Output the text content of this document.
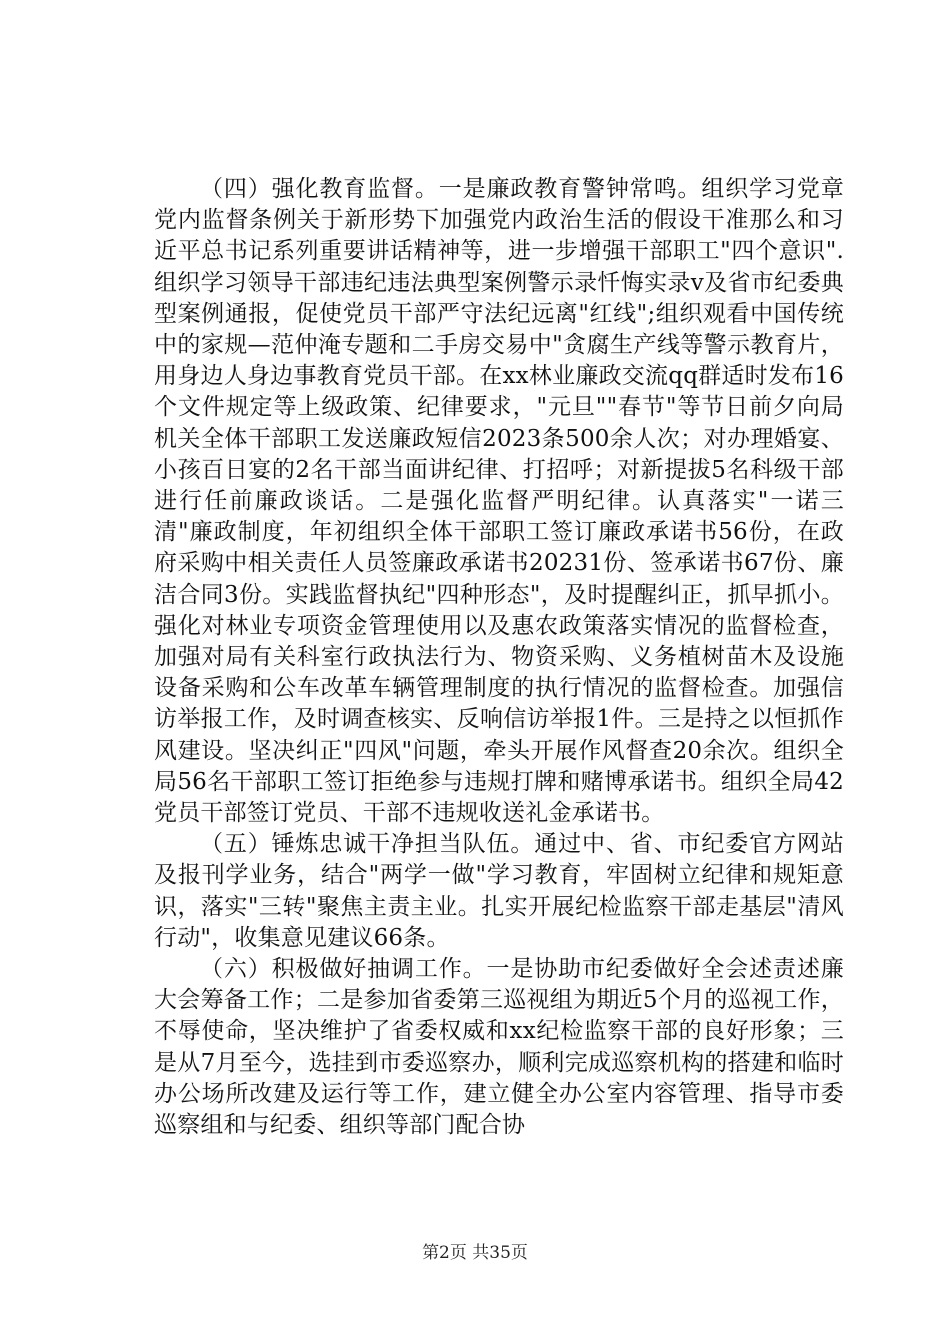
（四）强化教育监督。一是廉政教育警钟常鸣。组织学习党章党内监督条例关于新形势下加强党内政治生活的假设干准那么和习近平总书记系列重要讲话精神等，进一步增强干部职工"四个意识".组织学习领导干部违纪违法典型案例警示录忏悔实录v及省市纪委典型案例通报，促使党员干部严守法纪远离"红线";组织观看中国传统中的家规—范仲淹专题和二手房交易中"贪腐生产线等警示教育片，用身边人身边事教育党员干部。在xx林业廉政交流qq群适时发布16个文件规定等上级政策、纪律要求，"元旦""春节"等节日前夕向局机关全体干部职工发送廉政短信2023条500余人次；对办理婚宴、小孩百日宴的2名干部当面讲纪律、打招呼；对新提拔5名科级干部进行任前廉政谈话。二是强化监督严明纪律。认真落实"一诺三清"廉政制度，年初组织全体干部职工签订廉政承诺书56份，在政府采购中相关责任人员签廉政承诺书20231份、签承诺书67份、廉洁合同3份。实践监督执纪"四种形态"，及时提醒纠正，抓早抓小。强化对林业专项资金管理使用以及惠农政策落实情况的监督检查，加强对局有关科室行政执法行为、物资采购、义务植树苗木及设施设备采购和公车改革车辆管理制度的执行情况的监督检查。加强信访举报工作，及时调查核实、反响信访举报1件。三是持之以恒抓作风建设。坚决纠正"四风"问题，牵头开展作风督查20余次。组织全局56名干部职工签订拒绝参与违规打牌和赌博承诺书。组织全局42党员干部签订党员、干部不违规收送礼金承诺书。

（五）锤炼忠诚干净担当队伍。通过中、省、市纪委官方网站及报刊学业务，结合"两学一做"学习教育，牢固树立纪律和规矩意识，落实"三转"聚焦主责主业。扎实开展纪检监察干部走基层"清风行动"，收集意见建议66条。

（六）积极做好抽调工作。一是协助市纪委做好全会述责述廉大会筹备工作；二是参加省委第三巡视组为期近5个月的巡视工作，不辱使命，坚决维护了省委权威和xx纪检监察干部的良好形象；三是从7月至今，选挂到市委巡察办，顺利完成巡察机构的搭建和临时办公场所改建及运行等工作，建立健全办公室内容管理、指导市委巡察组和与纪委、组织等部门配合协

第2页 共35页
